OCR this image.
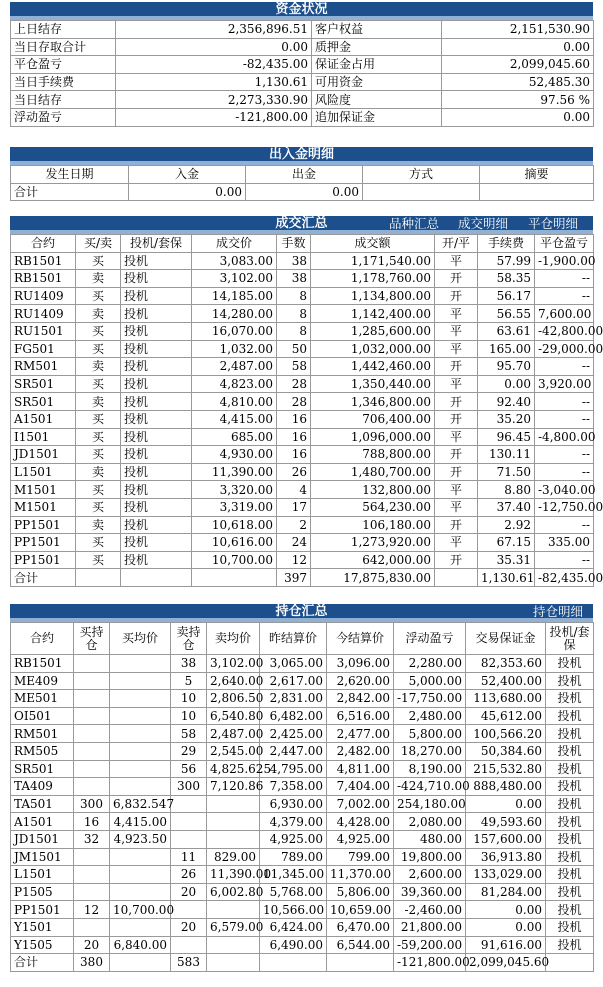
资金状况
上日结存	2,356,896.51	客户权益	2,151,530.90
当日存取合计	0.00	质押金	0.00
平仓盈亏	-82,435.00	保证金占用	2,099,045.60
当日手续费	1,130.61	可用资金	52,485.30
当日结存	2,273,330.90	风险度	97.56 %
浮动盈亏	-121,800.00	追加保证金	0.00
出入金明细
发生日期	入金	出金	方式	摘要
合计	0.00	0.00		
成交汇总	品种汇总 成交明细 平仓明细
合约	买/卖	投机/套保	成交价	手数	成交额	开/平	手续费	平仓盈亏
RB1501	买	投机	3,083.00	38	1,171,540.00	平	57.99	-1,900.00
RB1501	卖	投机	3,102.00	38	1,178,760.00	开	58.35	--
RU1409	买	投机	14,185.00	8	1,134,800.00	开	56.17	--
RU1409	卖	投机	14,280.00	8	1,142,400.00	平	56.55	7,600.00
RU1501	买	投机	16,070.00	8	1,285,600.00	平	63.61	-42,800.00
FG501	买	投机	1,032.00	50	1,032,000.00	平	165.00	-29,000.00
RM501	卖	投机	2,487.00	58	1,442,460.00	开	95.70	--
SR501	买	投机	4,823.00	28	1,350,440.00	平	0.00	3,920.00
SR501	卖	投机	4,810.00	28	1,346,800.00	开	92.40	--
A1501	买	投机	4,415.00	16	706,400.00	开	35.20	--
I1501	买	投机	685.00	16	1,096,000.00	平	96.45	-4,800.00
JD1501	买	投机	4,930.00	16	788,800.00	开	130.11	--
L1501	卖	投机	11,390.00	26	1,480,700.00	开	71.50	--
M1501	买	投机	3,320.00	4	132,800.00	平	8.80	-3,040.00
M1501	买	投机	3,319.00	17	564,230.00	平	37.40	-12,750.00
PP1501	卖	投机	10,618.00	2	106,180.00	开	2.92	--
PP1501	买	投机	10,616.00	24	1,273,920.00	平	67.15	335.00
PP1501	买	投机	10,700.00	12	642,000.00	开	35.31	--
合计				397	17,875,830.00		1,130.61	-82,435.00
持仓汇总	持仓明细
合约	买持仓	买均价	卖持仓	卖均价	昨结算价	今结算价	浮动盈亏	交易保证金	投机/套保
RB1501			38	3,102.00	3,065.00	3,096.00	2,280.00	82,353.60	投机
ME409			5	2,640.00	2,617.00	2,620.00	5,000.00	52,400.00	投机
ME501			10	2,806.50	2,831.00	2,842.00	-17,750.00	113,680.00	投机
OI501			10	6,540.80	6,482.00	6,516.00	2,480.00	45,612.00	投机
RM501			58	2,487.00	2,425.00	2,477.00	5,800.00	100,566.20	投机
RM505			29	2,545.00	2,447.00	2,482.00	18,270.00	50,384.60	投机
SR501			56	4,825.625	4,795.00	4,811.00	8,190.00	215,532.80	投机
TA409			300	7,120.86	7,358.00	7,404.00	-424,710.00	888,480.00	投机
TA501	300	6,832.547			6,930.00	7,002.00	254,180.00	0.00	投机
A1501	16	4,415.00			4,379.00	4,428.00	2,080.00	49,593.60	投机
JD1501	32	4,923.50			4,925.00	4,925.00	480.00	157,600.00	投机
JM1501			11	829.00	789.00	799.00	19,800.00	36,913.80	投机
L1501			26	11,390.00	11,345.00	11,370.00	2,600.00	133,029.00	投机
P1505			20	6,002.80	5,768.00	5,806.00	39,360.00	81,284.00	投机
PP1501	12	10,700.00			10,566.00	10,659.00	-2,460.00	0.00	投机
Y1501			20	6,579.00	6,424.00	6,470.00	21,800.00	0.00	投机
Y1505	20	6,840.00			6,490.00	6,544.00	-59,200.00	91,616.00	投机
合计	380		583				-121,800.00	2,099,045.60	
